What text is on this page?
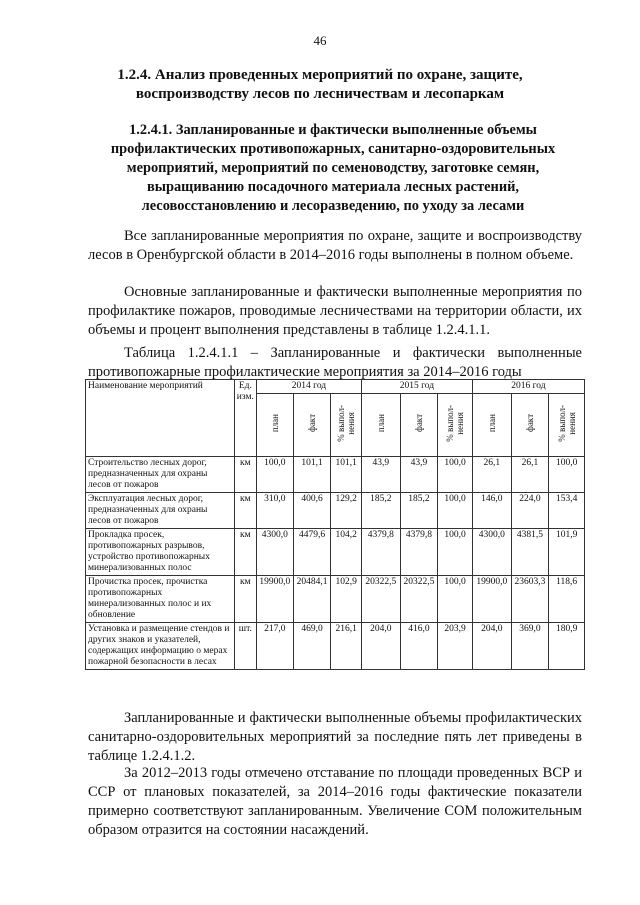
46
1.2.4. Анализ проведенных мероприятий по охране, защите, воспроизводству лесов по лесничествам и лесопаркам
1.2.4.1. Запланированные и фактически выполненные объемы профилактических противопожарных, санитарно-оздоровительных мероприятий, мероприятий по семеноводству, заготовке семян, выращиванию посадочного материала лесных растений, лесовосстановлению и лесоразведению, по уходу за лесами

Все запланированные мероприятия по охране, защите и воспроизводству лесов в Оренбургской области в 2014–2016 годы выполнены в полном объеме.

Основные запланированные и фактически выполненные мероприятия по профилактике пожаров, проводимые лесничествами на территории области, их объемы и процент выполнения представлены в таблице 1.2.4.1.1.

Таблица 1.2.4.1.1 – Запланированные и фактически выполненные противопожарные профилактические мероприятия за 2014–2016 годы

Наименование мероприятий	Ед. изм.	2014 год			2015 год			2016 год		
		план	факт	% выпол-
нения	план	факт	% выпол-
нения	план	факт	% выпол-
нения
Строительство лесных дорог, предназначенных для охраны лесов от пожаров	км	100,0	101,1	101,1	43,9	43,9	100,0	26,1	26,1	100,0
Эксплуатация лесных дорог, предназначенных для охраны лесов от пожаров	км	310,0	400,6	129,2	185,2	185,2	100,0	146,0	224,0	153,4
Прокладка просек, противопожарных разрывов, устройство противопожарных минерализованных полос	км	4300,0	4479,6	104,2	4379,8	4379,8	100,0	4300,0	4381,5	101,9
Прочистка просек, прочистка противопожарных минерализованных полос и их обновление	км	19900,0	20484,1	102,9	20322,5	20322,5	100,0	19900,0	23603,3	118,6
Установка и размещение стендов и других знаков и указателей, содержащих информацию о мерах пожарной безопасности в лесах	шт.	217,0	469,0	216,1	204,0	416,0	203,9	204,0	369,0	180,9

Запланированные и фактически выполненные объемы профилактических санитарно-оздоровительных мероприятий за последние пять лет приведены в таблице 1.2.4.1.2.

За 2012–2013 годы отмечено отставание по площади проведенных ВСР и ССР от плановых показателей, за 2014–2016 годы фактические показатели примерно соответствуют запланированным. Увеличение СОМ положительным образом отразится на состоянии насаждений.
